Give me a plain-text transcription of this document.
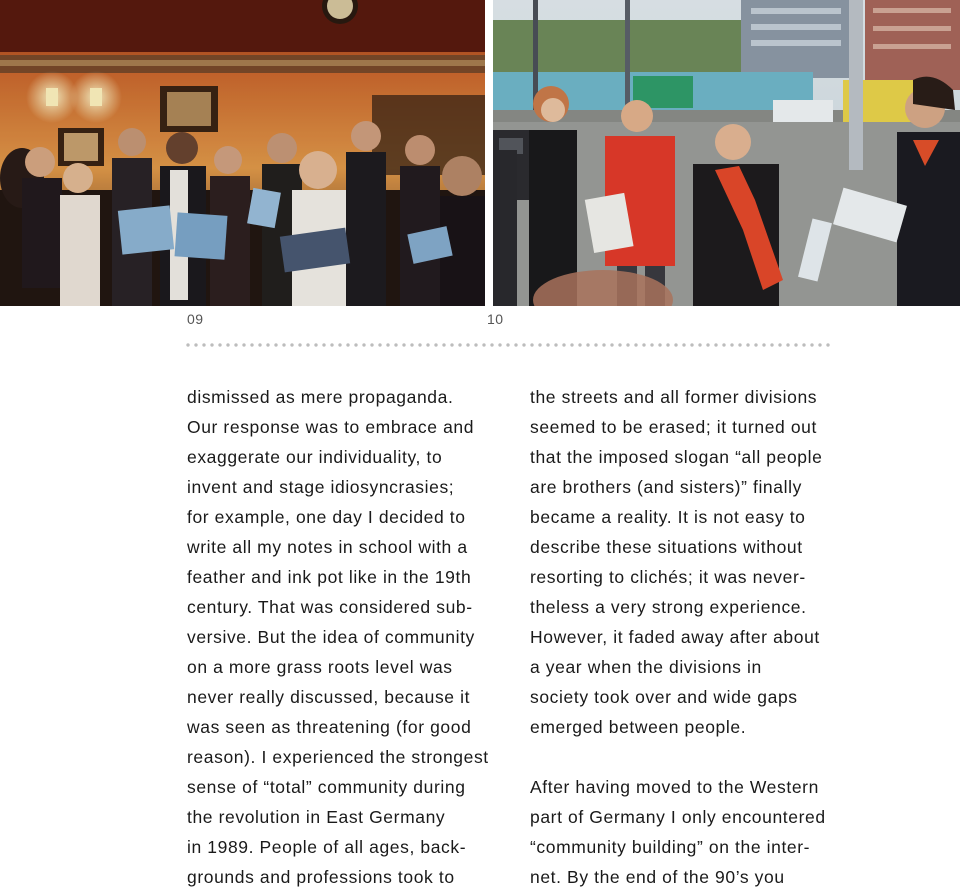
09	10
dismissed as mere propaganda.
Our response was to embrace and
exaggerate our individuality, to
invent and stage idiosyncrasies;
for example, one day I decided to
write all my notes in school with a
feather and ink pot like in the 19th
century. That was considered sub-
versive. But the idea of community
on a more grass roots level was
never really discussed, because it
was seen as threatening (for good
reason). I experienced the strongest
sense of “total” community during
the revolution in East Germany
in 1989. People of all ages, back-
grounds and professions took to
the streets and all former divisions
seemed to be erased; it turned out
that the imposed slogan “all people
are brothers (and sisters)” finally
became a reality. It is not easy to
describe these situations without
resorting to clichés; it was never-
theless a very strong experience.
However, it faded away after about
a year when the divisions in
society took over and wide gaps
emerged between people.
After having moved to the Western
part of Germany I only encountered
“community building” on the inter-
net. By the end of the 90’s you
